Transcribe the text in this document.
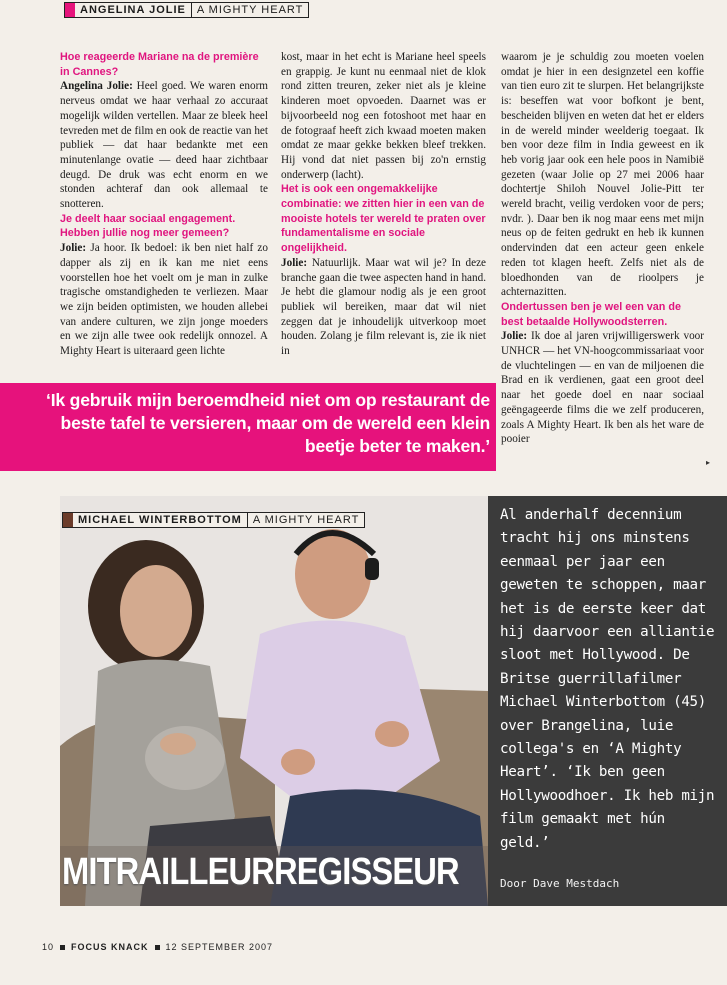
ANGELINA JOLIE	A MIGHTY HEART

Hoe reageerde Mariane na de première in Cannes?

Angelina Jolie: Heel goed. We waren enorm nerveus omdat we haar verhaal zo accuraat mogelijk wilden vertellen. Maar ze bleek heel tevreden met de film en ook de reactie van het publiek — dat haar bedankte met een minutenlange ovatie — deed haar zichtbaar deugd. De druk was echt enorm en we stonden achteraf dan ook allemaal te snotteren.

Je deelt haar sociaal engagement. Hebben jullie nog meer gemeen?

Jolie: Ja hoor. Ik bedoel: ik ben niet half zo dapper als zij en ik kan me niet eens voorstellen hoe het voelt om je man in zulke tragische omstandigheden te verliezen. Maar we zijn beiden optimisten, we houden allebei van andere culturen, we zijn jonge moeders en we zijn alle twee ook redelijk onnozel. A Mighty Heart is uiteraard geen lichte

kost, maar in het echt is Mariane heel speels en grappig. Je kunt nu eenmaal niet de klok rond zitten treuren, zeker niet als je kleine kinderen moet opvoeden. Daarnet was er bijvoorbeeld nog een fotoshoot met haar en de fotograaf heeft zich kwaad moeten maken omdat ze maar gekke bekken bleef trekken. Hij vond dat niet passen bij zo'n ernstig onderwerp (lacht).

Het is ook een ongemakkelijke combinatie: we zitten hier in een van de mooiste hotels ter wereld te praten over fundamentalisme en sociale ongelijkheid.

Jolie: Natuurlijk. Maar wat wil je? In deze branche gaan die twee aspecten hand in hand. Je hebt die glamour nodig als je een groot publiek wil bereiken, maar dat wil niet zeggen dat je inhoudelijk uitverkoop moet houden. Zolang je film relevant is, zie ik niet in

waarom je je schuldig zou moeten voelen omdat je hier in een designzetel een koffie van tien euro zit te slurpen. Het belangrijkste is: beseffen wat voor bofkont je bent, bescheiden blijven en weten dat het er elders in de wereld minder weelderig toegaat. Ik ben voor deze film in India geweest en ik heb vorig jaar ook een hele poos in Namibië gezeten (waar Jolie op 27 mei 2006 haar dochtertje Shiloh Nouvel Jolie-Pitt ter wereld bracht, veilig verdoken voor de pers; nvdr. ). Daar ben ik nog maar eens met mijn neus op de feiten gedrukt en heb ik kunnen ondervinden dat een acteur geen enkele reden tot klagen heeft. Zelfs niet als de bloedhonden van de rioolpers je achternazitten.

Ondertussen ben je wel een van de best betaalde Hollywoodsterren.

Jolie: Ik doe al jaren vrijwilligerswerk voor UNHCR — het VN-hoogcommissariaat voor de vluchtelingen — en van de miljoenen die Brad en ik verdienen, gaat een groot deel naar het goede doel en naar sociaal geëngageerde films die we zelf produceren, zoals A Mighty Heart. Ik ben als het ware de pooier

‘Ik gebruik mijn beroemdheid niet om op restaurant de beste tafel te versieren, maar om de wereld een klein beetje beter te maken.’
▸
MICHAEL WINTERBOTTOM	A MIGHTY HEART
MITRAILLEURREGISSEUR
Al anderhalf decennium tracht hij ons minstens eenmaal per jaar een geweten te schoppen, maar het is de eerste keer dat hij daarvoor een alliantie sloot met Hollywood. De Britse guerrillafilmer Michael Winterbottom (45) over Brangelina, luie collega's en ‘A Mighty Heart’. ‘Ik ben geen Hollywoodhoer. Ik heb mijn film gemaakt met hún geld.’
Door Dave Mestdach
10 FOCUS KNACK 12 SEPTEMBER 2007
